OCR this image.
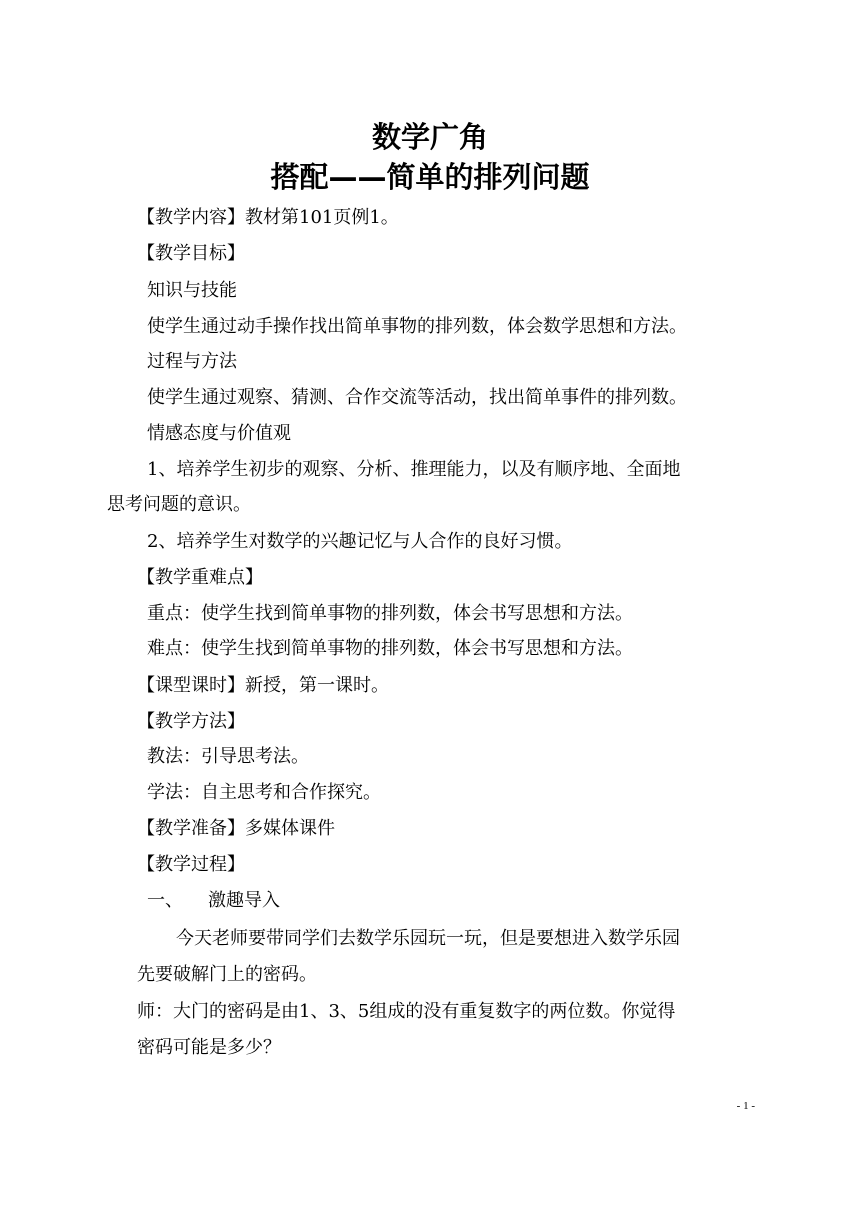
数学广角
搭配——简单的排列问题
【教学内容】教材第101页例1。
【教学目标】
知识与技能
使学生通过动手操作找出简单事物的排列数，体会数学思想和方法。
过程与方法
使学生通过观察、猜测、合作交流等活动，找出简单事件的排列数。
情感态度与价值观
1、培养学生初步的观察、分析、推理能力，以及有顺序地、全面地
思考问题的意识。
2、培养学生对数学的兴趣记忆与人合作的良好习惯。
【教学重难点】
重点：使学生找到简单事物的排列数，体会书写思想和方法。
难点：使学生找到简单事物的排列数，体会书写思想和方法。
【课型课时】新授，第一课时。
【教学方法】
教法：引导思考法。
学法：自主思考和合作探究。
【教学准备】多媒体课件
【教学过程】
一、 激趣导入
今天老师要带同学们去数学乐园玩一玩，但是要想进入数学乐园
先要破解门上的密码。
师：大门的密码是由1、3、5组成的没有重复数字的两位数。你觉得
密码可能是多少？
- 1 -
